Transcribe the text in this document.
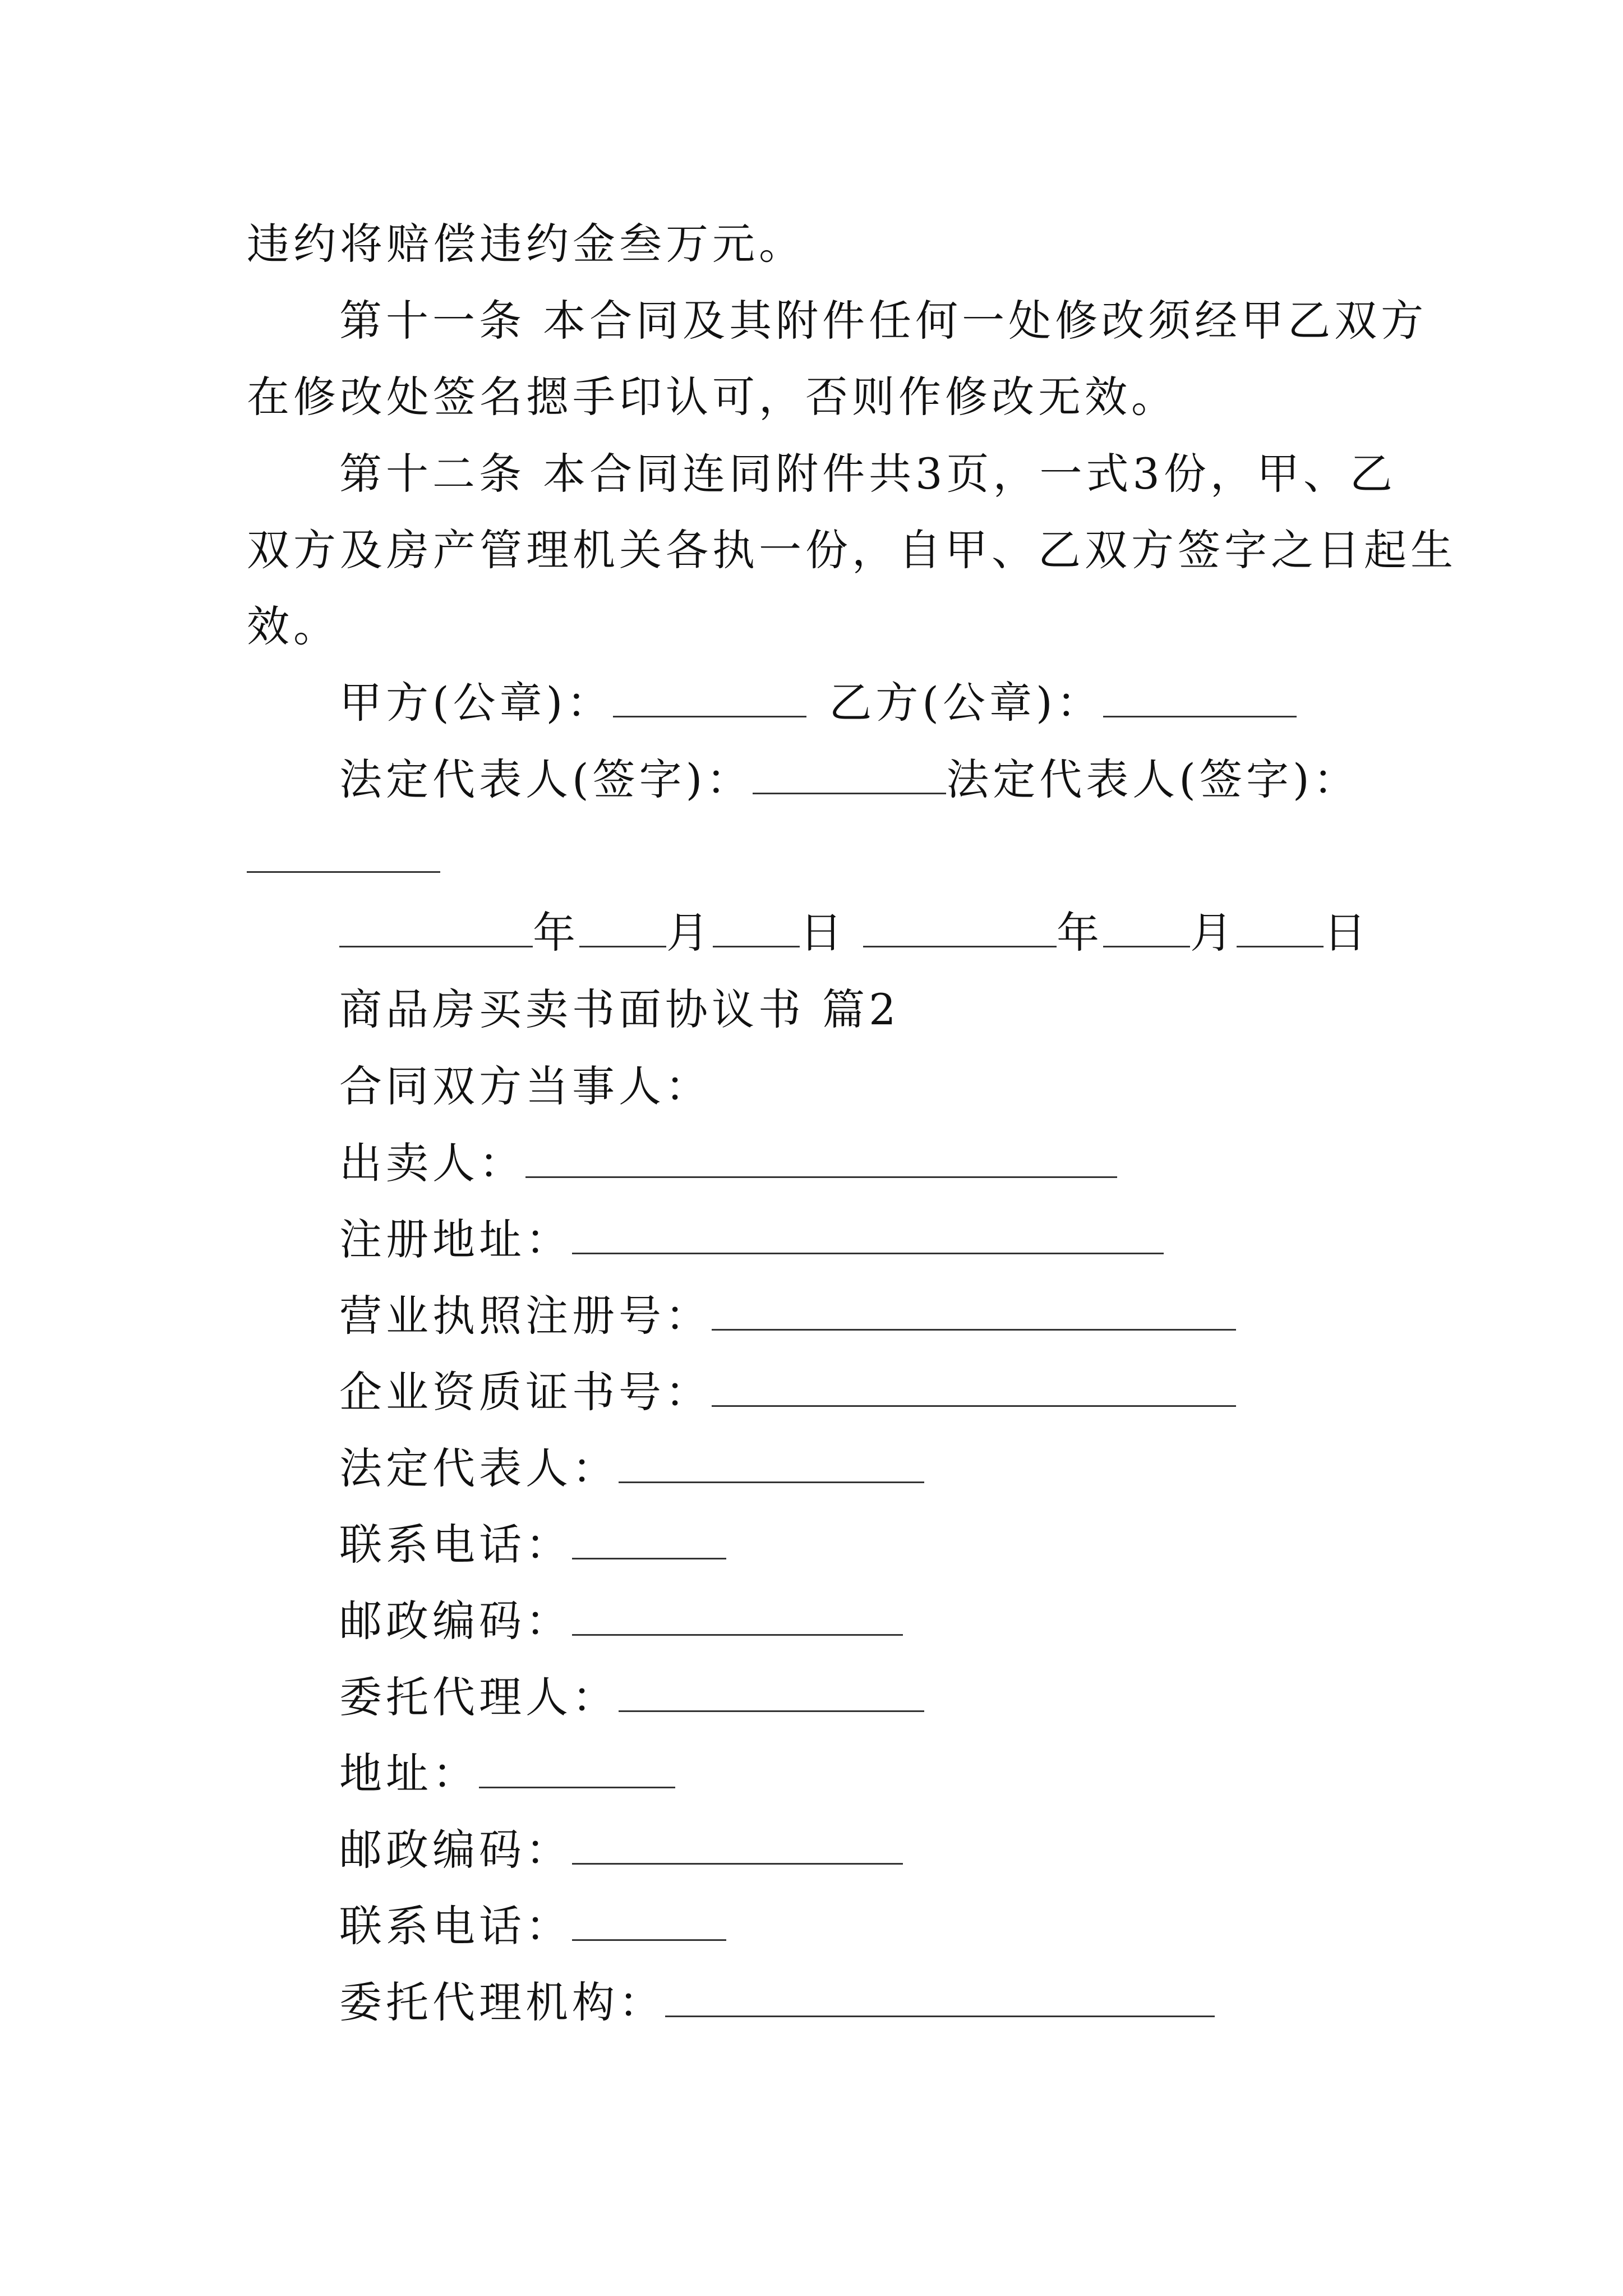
违约将赔偿违约金叁万元。
第十一条 本合同及其附件任何一处修改须经甲乙双方
在修改处签名摁手印认可，否则作修改无效。
第十二条 本合同连同附件共3页，一式3份，甲、乙
双方及房产管理机关各执一份，自甲、乙双方签字之日起生
效。
甲方(公章)：	乙方(公章)：
法定代表人(签字)：	法定代表人(签字)：
年 月 日	年 月 日
商品房买卖书面协议书 篇2
合同双方当事人：
出卖人：
注册地址：
营业执照注册号：
企业资质证书号：
法定代表人：
联系电话：
邮政编码：
委托代理人：
地址：
邮政编码：
联系电话：
委托代理机构：
